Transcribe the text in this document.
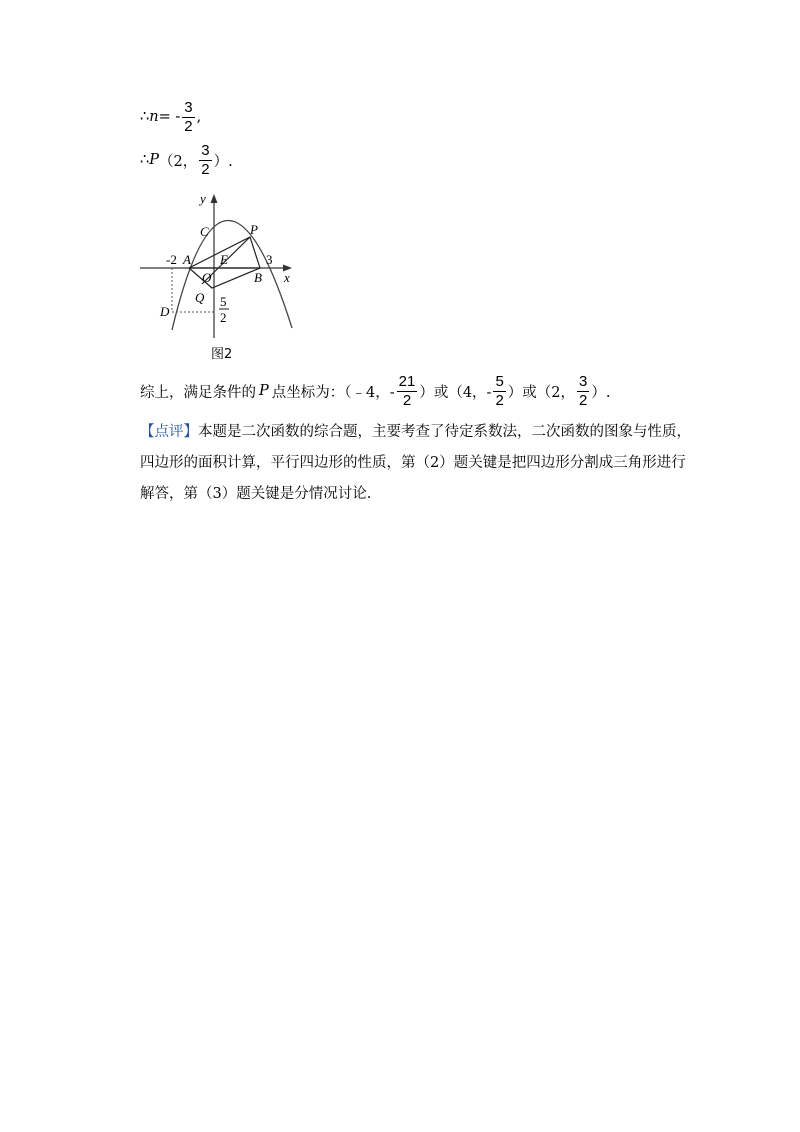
∴ n = - $\frac{3}{2}$ ,
∴ P （2， $\frac{3}{2}$ ）.
y
x
C	P
A E
O	B
Q
D
-2	3
5
2
图2
综上，满足条件的 P 点坐标为：（﹣4，- $\frac{21}{2}$ ）或（4，- $\frac{5}{2}$ ）或（2， $\frac{3}{2}$ ）.
【点评】 本题是二次函数的综合题，主要考查了待定系数法，二次函数的图象与性质，
四边形的面积计算，平行四边形的性质，第（2）题关键是把四边形分割成三角形进行
解答，第（3）题关键是分情况讨论.
